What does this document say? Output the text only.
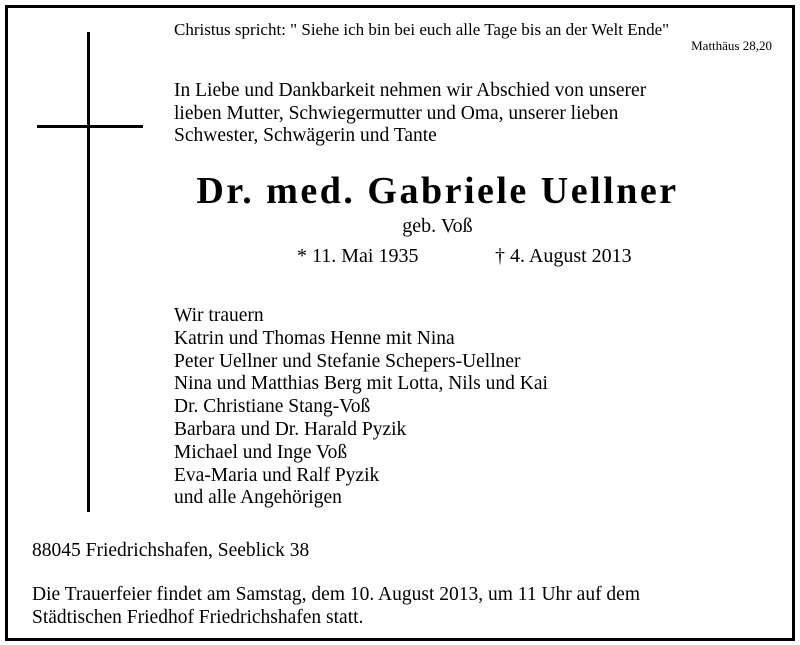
Christus spricht: " Siehe ich bin bei euch alle Tage bis an der Welt Ende"
Matthäus 28,20
In Liebe und Dankbarkeit nehmen wir Abschied von unserer
lieben Mutter, Schwiegermutter und Oma, unserer lieben
Schwester, Schwägerin und Tante
Dr. med. Gabriele Uellner
geb. Voß
* 11. Mai 1935	† 4. August 2013
Wir trauern
Katrin und Thomas Henne mit Nina
Peter Uellner und Stefanie Schepers-Uellner
Nina und Matthias Berg mit Lotta, Nils und Kai
Dr. Christiane Stang-Voß
Barbara und Dr. Harald Pyzik
Michael und Inge Voß
Eva-Maria und Ralf Pyzik
und alle Angehörigen
88045 Friedrichshafen, Seeblick 38
Die Trauerfeier findet am Samstag, dem 10. August 2013, um 11 Uhr auf dem
Städtischen Friedhof Friedrichshafen statt.
